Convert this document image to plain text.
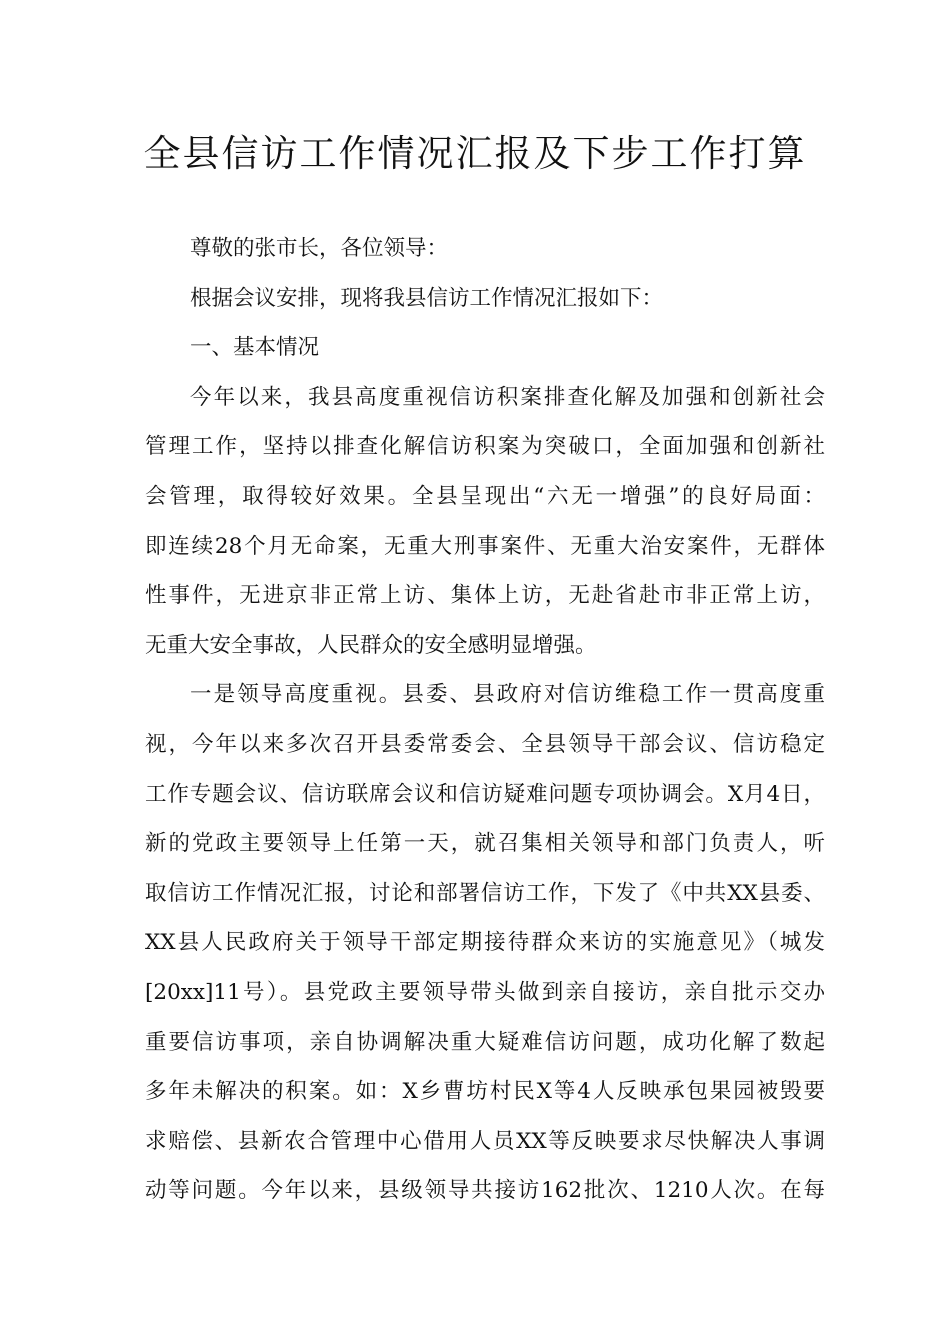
全县信访工作情况汇报及下步工作打算
尊敬的张市长，各位领导：
根据会议安排，现将我县信访工作情况汇报如下：
一、基本情况
今年以来，我县高度重视信访积案排查化解及加强和创新社会
管理工作，坚持以排查化解信访积案为突破口，全面加强和创新社
会管理，取得较好效果。全县呈现出“六无一增强”的良好局面：
即连续28个月无命案，无重大刑事案件、无重大治安案件，无群体
性事件，无进京非正常上访、集体上访，无赴省赴市非正常上访，
无重大安全事故，人民群众的安全感明显增强。
一是领导高度重视。县委、县政府对信访维稳工作一贯高度重
视，今年以来多次召开县委常委会、全县领导干部会议、信访稳定
工作专题会议、信访联席会议和信访疑难问题专项协调会。X月4日，
新的党政主要领导上任第一天，就召集相关领导和部门负责人，听
取信访工作情况汇报，讨论和部署信访工作，下发了《中共XX县委、
XX县人民政府关于领导干部定期接待群众来访的实施意见》（城发
[20xx]11号）。县党政主要领导带头做到亲自接访，亲自批示交办
重要信访事项，亲自协调解决重大疑难信访问题，成功化解了数起
多年未解决的积案。如：X乡曹坊村民X等4人反映承包果园被毁要
求赔偿、县新农合管理中心借用人员XX等反映要求尽快解决人事调
动等问题。今年以来，县级领导共接访162批次、1210人次。在每
